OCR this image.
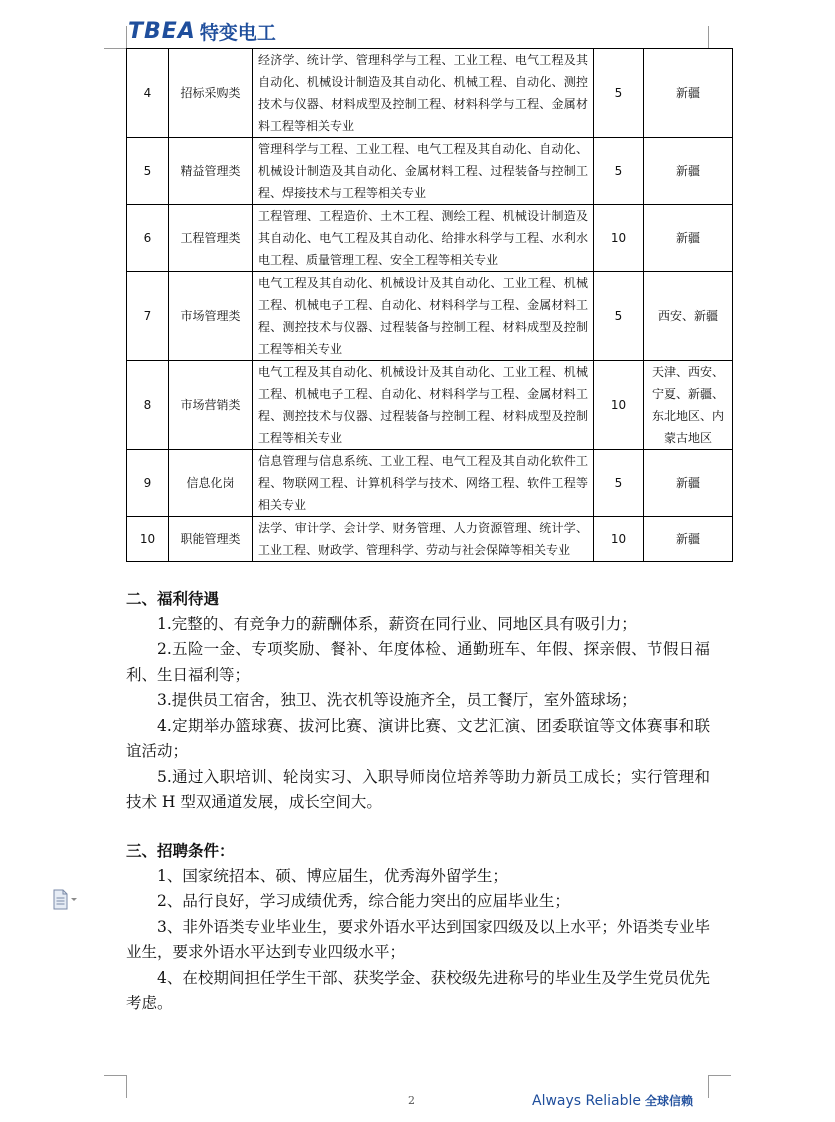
TBEA 特变电工
4	招标采购类	经济学、统计学、管理科学与工程、工业工程、电气工程及其自动化、机械设计制造及其自动化、机械工程、自动化、测控技术与仪器、材料成型及控制工程、材料科学与工程、金属材料工程等相关专业	5	新疆
5	精益管理类	管理科学与工程、工业工程、电气工程及其自动化、自动化、机械设计制造及其自动化、金属材料工程、过程装备与控制工程、焊接技术与工程等相关专业	5	新疆
6	工程管理类	工程管理、工程造价、土木工程、测绘工程、机械设计制造及其自动化、电气工程及其自动化、给排水科学与工程、水利水电工程、质量管理工程、安全工程等相关专业	10	新疆
7	市场管理类	电气工程及其自动化、机械设计及其自动化、工业工程、机械工程、机械电子工程、自动化、材料科学与工程、金属材料工程、测控技术与仪器、过程装备与控制工程、材料成型及控制工程等相关专业	5	西安、新疆
8	市场营销类	电气工程及其自动化、机械设计及其自动化、工业工程、机械工程、机械电子工程、自动化、材料科学与工程、金属材料工程、测控技术与仪器、过程装备与控制工程、材料成型及控制工程等相关专业	10	天津、西安、宁夏、新疆、东北地区、内蒙古地区
9	信息化岗	信息管理与信息系统、工业工程、电气工程及其自动化软件工程、物联网工程、计算机科学与技术、网络工程、软件工程等相关专业	5	新疆
10	职能管理类	法学、审计学、会计学、财务管理、人力资源管理、统计学、工业工程、财政学、管理科学、劳动与社会保障等相关专业	10	新疆
二、福利待遇

1.完整的、有竞争力的薪酬体系，薪资在同行业、同地区具有吸引力；

2.五险一金、专项奖励、餐补、年度体检、通勤班车、年假、探亲假、节假日福利、生日福利等；

3.提供员工宿舍，独卫、洗衣机等设施齐全，员工餐厅，室外篮球场；

4.定期举办篮球赛、拔河比赛、演讲比赛、文艺汇演、团委联谊等文体赛事和联谊活动；

5.通过入职培训、轮岗实习、入职导师岗位培养等助力新员工成长；实行管理和技术 H 型双通道发展，成长空间大。

三、招聘条件：

1、国家统招本、硕、博应届生，优秀海外留学生；

2、品行良好，学习成绩优秀，综合能力突出的应届毕业生；

3、非外语类专业毕业生，要求外语水平达到国家四级及以上水平；外语类专业毕业生，要求外语水平达到专业四级水平；

4、在校期间担任学生干部、获奖学金、获校级先进称号的毕业生及学生党员优先考虑。

2	Always Reliable 全球信赖
